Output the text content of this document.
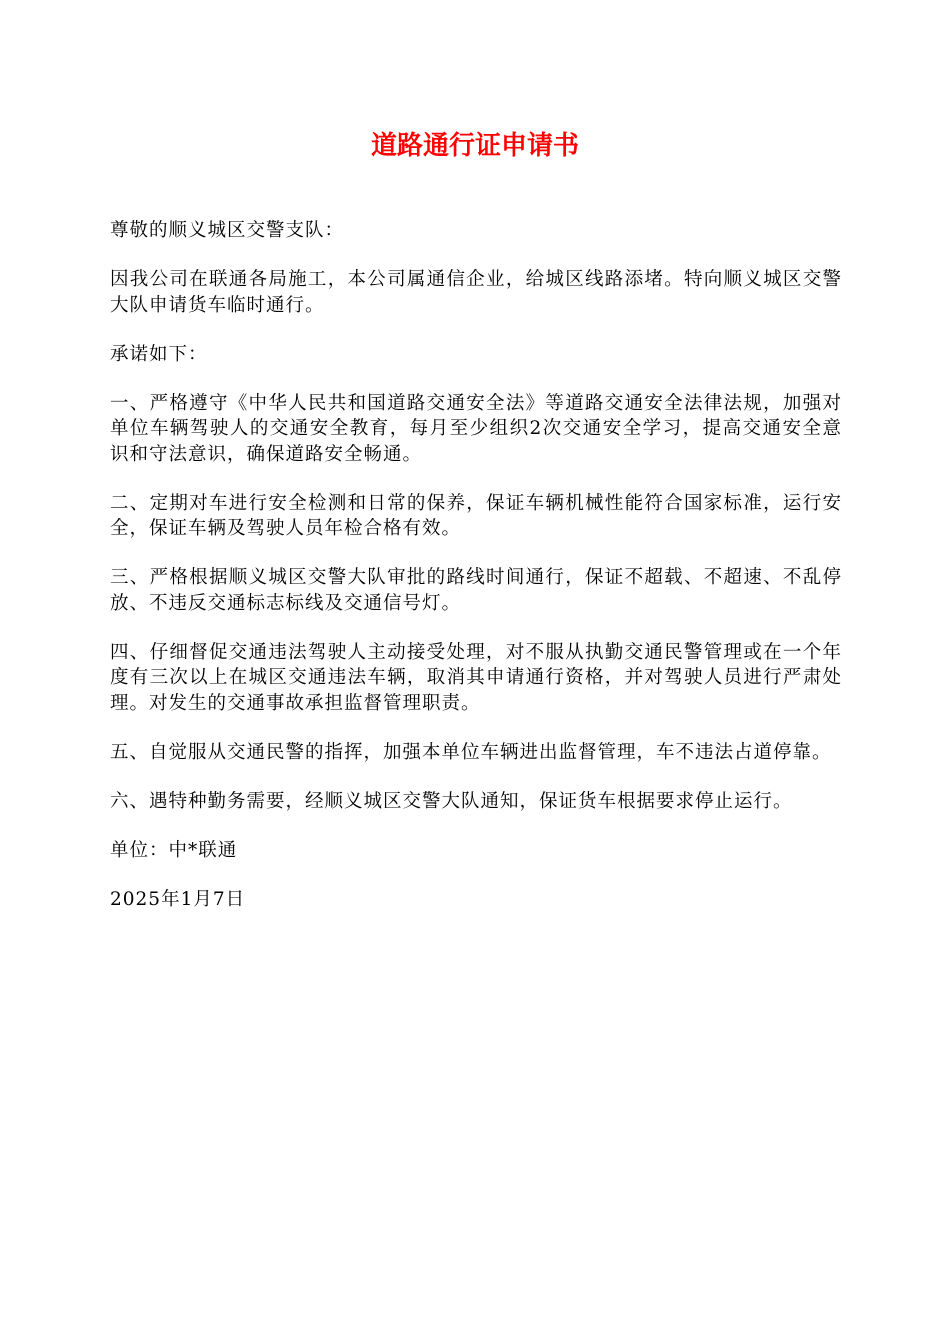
道路通行证申请书

尊敬的顺义城区交警支队：

因我公司在联通各局施工，本公司属通信企业，给城区线路添堵。特向顺义城区交警大队申请货车临时通行。

承诺如下：

一、严格遵守《中华人民共和国道路交通安全法》等道路交通安全法律法规，加强对单位车辆驾驶人的交通安全教育，每月至少组织2次交通安全学习，提高交通安全意识和守法意识，确保道路安全畅通。

二、定期对车进行安全检测和日常的保养，保证车辆机械性能符合国家标准，运行安全，保证车辆及驾驶人员年检合格有效。

三、严格根据顺义城区交警大队审批的路线时间通行，保证不超载、不超速、不乱停放、不违反交通标志标线及交通信号灯。

四、仔细督促交通违法驾驶人主动接受处理，对不服从执勤交通民警管理或在一个年度有三次以上在城区交通违法车辆，取消其申请通行资格，并对驾驶人员进行严肃处理。对发生的交通事故承担监督管理职责。

五、自觉服从交通民警的指挥，加强本单位车辆进出监督管理，车不违法占道停靠。

六、遇特种勤务需要，经顺义城区交警大队通知，保证货车根据要求停止运行。

单位：中*联通

2025年1月7日
